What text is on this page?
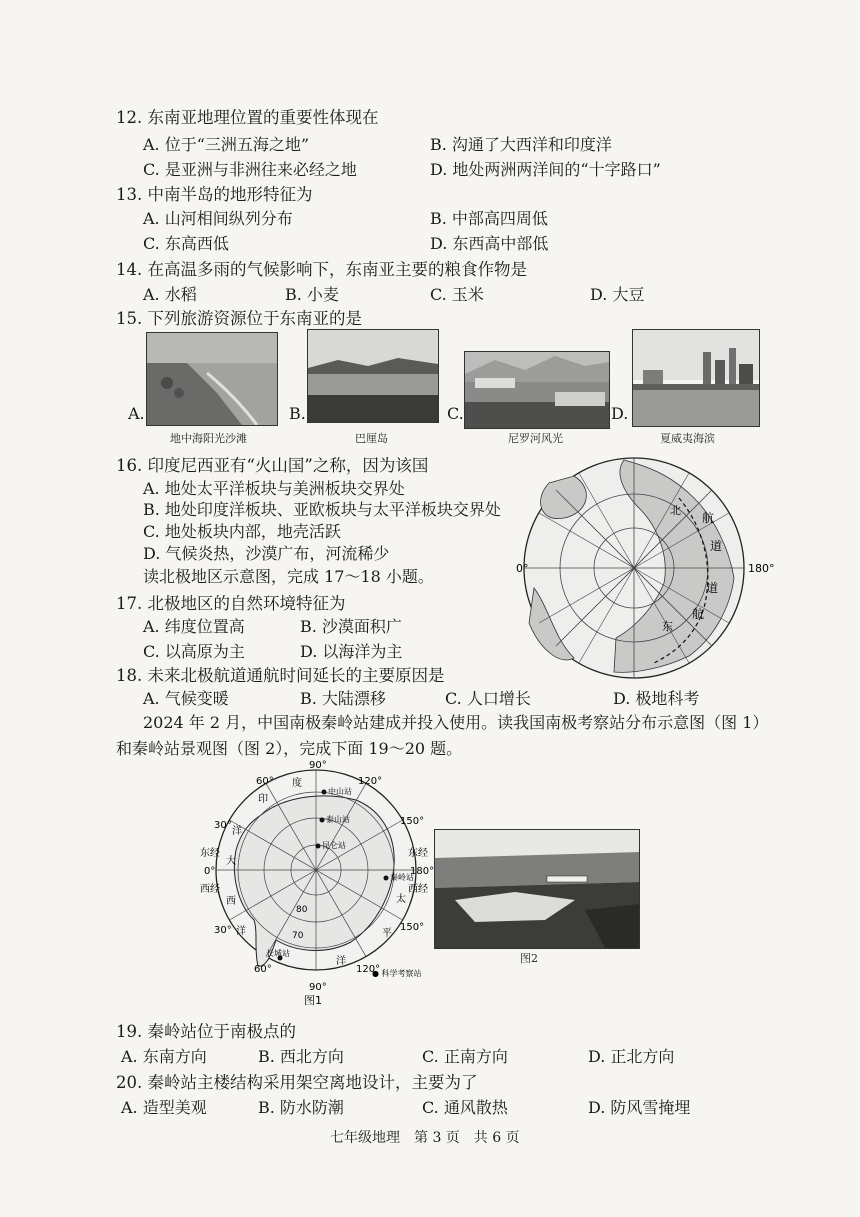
12. 东南亚地理位置的重要性体现在
A. 位于“三洲五海之地”	B. 沟通了大西洋和印度洋
C. 是亚洲与非洲往来必经之地	D. 地处两洲两洋间的“十字路口”
13. 中南半岛的地形特征为
A. 山河相间纵列分布	B. 中部高四周低
C. 东高西低	D. 东西高中部低
14. 在高温多雨的气候影响下，东南亚主要的粮食作物是
A. 水稻	B. 小麦	C. 玉米	D. 大豆
15. 下列旅游资源位于东南亚的是
A.
地中海阳光沙滩
B.
巴厘岛
C.
尼罗河风光
D.
夏威夷海滨
16. 印度尼西亚有“火山国”之称，因为该国
A. 地处太平洋板块与美洲板块交界处
B. 地处印度洋板块、亚欧板块与太平洋板块交界处
C. 地处板块内部，地壳活跃
D. 气候炎热，沙漠广布，河流稀少
读北极地区示意图，完成 17～18 小题。	0°	180°
航
道
道
航
北
东
17. 北极地区的自然环境特征为
A. 纬度位置高	B. 沙漠面积广
C. 以高原为主	D. 以海洋为主
18. 未来北极航道通航时间延长的主要原因是
A. 气候变暖	B. 大陆漂移	C. 人口增长	D. 极地科考
2024 年 2 月，中国南极秦岭站建成并投入使用。读我国南极考察站分布示意图（图 1）
和秦岭站景观图（图 2），完成下面 19～20 题。
90°
90°
60°	120°
30°	150°
东经
0°
西经
东经
180°
西经
30°	150°
60°	120°
80
70
中山站
泰山站
昆仑站
秦岭站
长城站
印
度
洋
大
西
洋
太
平
洋
● 科学考察站
图1
图2
19. 秦岭站位于南极点的
A. 东南方向	B. 西北方向	C. 正南方向	D. 正北方向
20. 秦岭站主楼结构采用架空离地设计，主要为了
A. 造型美观	B. 防水防潮	C. 通风散热	D. 防风雪掩埋
七年级地理　第 3 页　共 6 页
